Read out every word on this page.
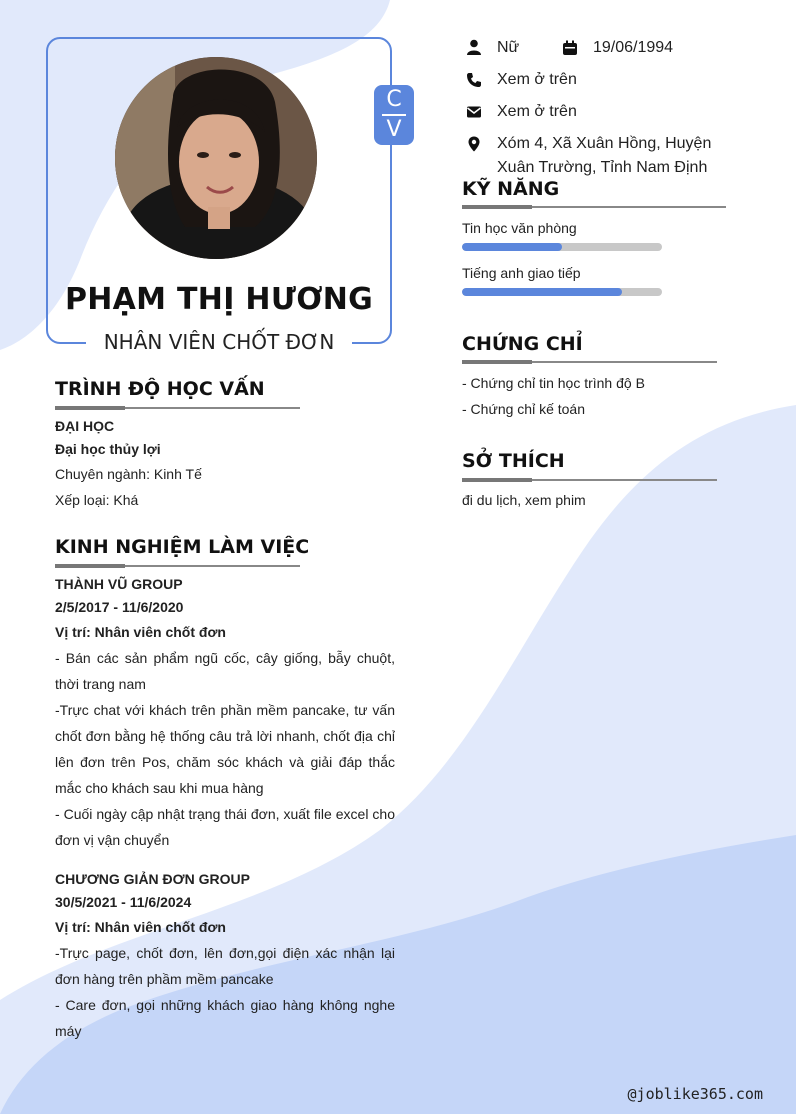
C
V
PHẠM THỊ HƯƠNG
NHÂN VIÊN CHỐT ĐƠN
TRÌNH ĐỘ HỌC VẤN
ĐẠI HỌC
Đại học thủy lợi
Chuyên ngành: Kinh Tế
Xếp loại: Khá
KINH NGHIỆM LÀM VIỆC
THÀNH VŨ GROUP
2/5/2017 - 11/6/2020
Vị trí: Nhân viên chốt đơn
- Bán các sản phẩm ngũ cốc, cây giống, bẫy chuột, thời trang nam
-Trực chat với khách trên phần mềm pancake, tư vấn chốt đơn bằng hệ thống câu trả lời nhanh, chốt địa chỉ lên đơn trên Pos, chăm sóc khách và giải đáp thắc mắc cho khách sau khi mua hàng
- Cuối ngày cập nhật trạng thái đơn, xuất file excel cho đơn vị vận chuyển
CHƯƠNG GIẢN ĐƠN GROUP
30/5/2021 - 11/6/2024
Vị trí: Nhân viên chốt đơn
-Trực page, chốt đơn, lên đơn,gọi điện xác nhận lại đơn hàng trên phầm mềm pancake
- Care đơn, gọi những khách giao hàng không nghe máy
Nữ	19/06/1994
Xem ở trên
Xem ở trên
Xóm 4, Xã Xuân Hồng, Huyện
Xuân Trường, Tỉnh Nam Định
KỸ NĂNG
Tin học văn phòng
Tiếng anh giao tiếp
CHỨNG CHỈ
- Chứng chỉ tin học trình độ B
- Chứng chỉ kế toán
SỞ THÍCH
đi du lịch, xem phim
@joblike365.com
